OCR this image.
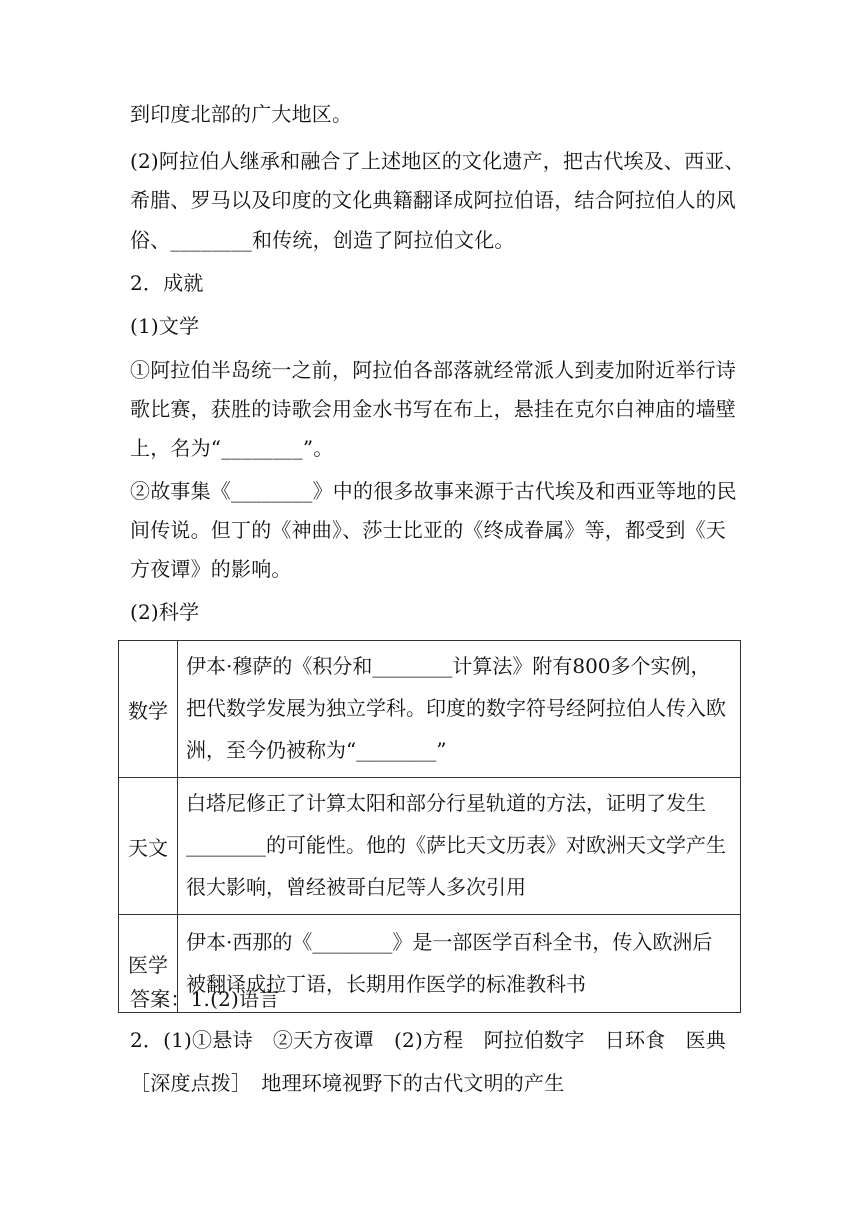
到印度北部的广大地区。
(2)阿拉伯人继承和融合了上述地区的文化遗产，把古代埃及、西亚、
希腊、罗马以及印度的文化典籍翻译成阿拉伯语，结合阿拉伯人的风
俗、________和传统，创造了阿拉伯文化。
2．成就
(1)文学
①阿拉伯半岛统一之前，阿拉伯各部落就经常派人到麦加附近举行诗
歌比赛，获胜的诗歌会用金水书写在布上，悬挂在克尔白神庙的墙壁
上，名为“________”。
②故事集《________》中的很多故事来源于古代埃及和西亚等地的民
间传说。但丁的《神曲》、莎士比亚的《终成眷属》等，都受到《天
方夜谭》的影响。
(2)科学
数学	伊本·穆萨的《积分和________计算法》附有800多个实例，
把代数学发展为独立学科。印度的数字符号经阿拉伯人传入欧
洲，至今仍被称为“________”

天文	白塔尼修正了计算太阳和部分行星轨道的方法，证明了发生
________的可能性。他的《萨比天文历表》对欧洲天文学产生
很大影响，曾经被哥白尼等人多次引用

医学	伊本·西那的《________》是一部医学百科全书，传入欧洲后
被翻译成拉丁语，长期用作医学的标准教科书
答案：1.(2)语言
2．(1)①悬诗　②天方夜谭　(2)方程　阿拉伯数字　日环食　医典
［深度点拨］　地理环境视野下的古代文明的产生
